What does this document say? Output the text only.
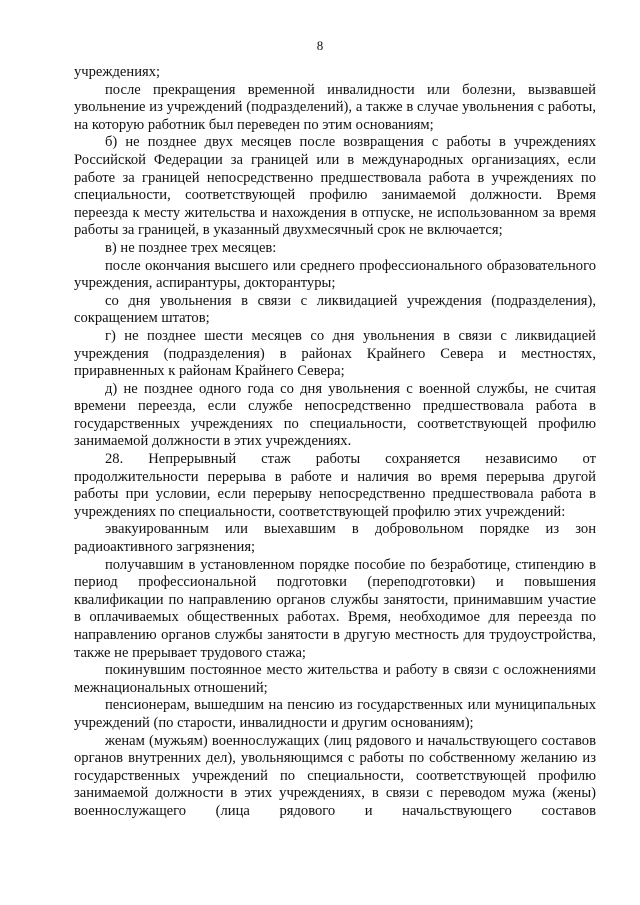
8

учреждениях;

после прекращения временной инвалидности или болезни, вызвавшей увольнение из учреждений (подразделений), а также в случае увольнения с работы, на которую работник был переведен по этим основаниям;

б) не позднее двух месяцев после возвращения с работы в учреждениях Российской Федерации за границей или в международных организациях, если работе за границей непосредственно предшествовала работа в учреждениях по специальности, соответствующей профилю занимаемой должности. Время переезда к месту жительства и нахождения в отпуске, не использованном за время работы за границей, в указанный двухмесячный срок не включается;

в) не позднее трех месяцев:

после окончания высшего или среднего профессионального образовательного учреждения, аспирантуры, докторантуры;

со дня увольнения в связи с ликвидацией учреждения (подразделения), сокращением штатов;

г) не позднее шести месяцев со дня увольнения в связи с ликвидацией учреждения (подразделения) в районах Крайнего Севера и местностях, приравненных к районам Крайнего Севера;

д) не позднее одного года со дня увольнения с военной службы, не считая времени переезда, если службе непосредственно предшествовала работа в государственных учреждениях по специальности, соответствующей профилю занимаемой должности в этих учреждениях.

28. Непрерывный стаж работы сохраняется независимо от продолжительности перерыва в работе и наличия во время перерыва другой работы при условии, если перерыву непосредственно предшествовала работа в учреждениях по специальности, соответствующей профилю этих учреждений:

эвакуированным или выехавшим в добровольном порядке из зон радиоактивного загрязнения;

получавшим в установленном порядке пособие по безработице, стипендию в период профессиональной подготовки (переподготовки) и повышения квалификации по направлению органов службы занятости, принимавшим участие в оплачиваемых общественных работах. Время, необходимое для переезда по направлению органов службы занятости в другую местность для трудоустройства, также не прерывает трудового стажа;

покинувшим постоянное место жительства и работу в связи с осложнениями межнациональных отношений;

пенсионерам, вышедшим на пенсию из государственных или муниципальных учреждений (по старости, инвалидности и другим основаниям);

женам (мужьям) военнослужащих (лиц рядового и начальствующего составов органов внутренних дел), увольняющимся с работы по собственному желанию из государственных учреждений по специальности, соответствующей профилю занимаемой должности в этих учреждениях, в связи с переводом мужа (жены) военнослужащего (лица рядового и начальствующего составов
